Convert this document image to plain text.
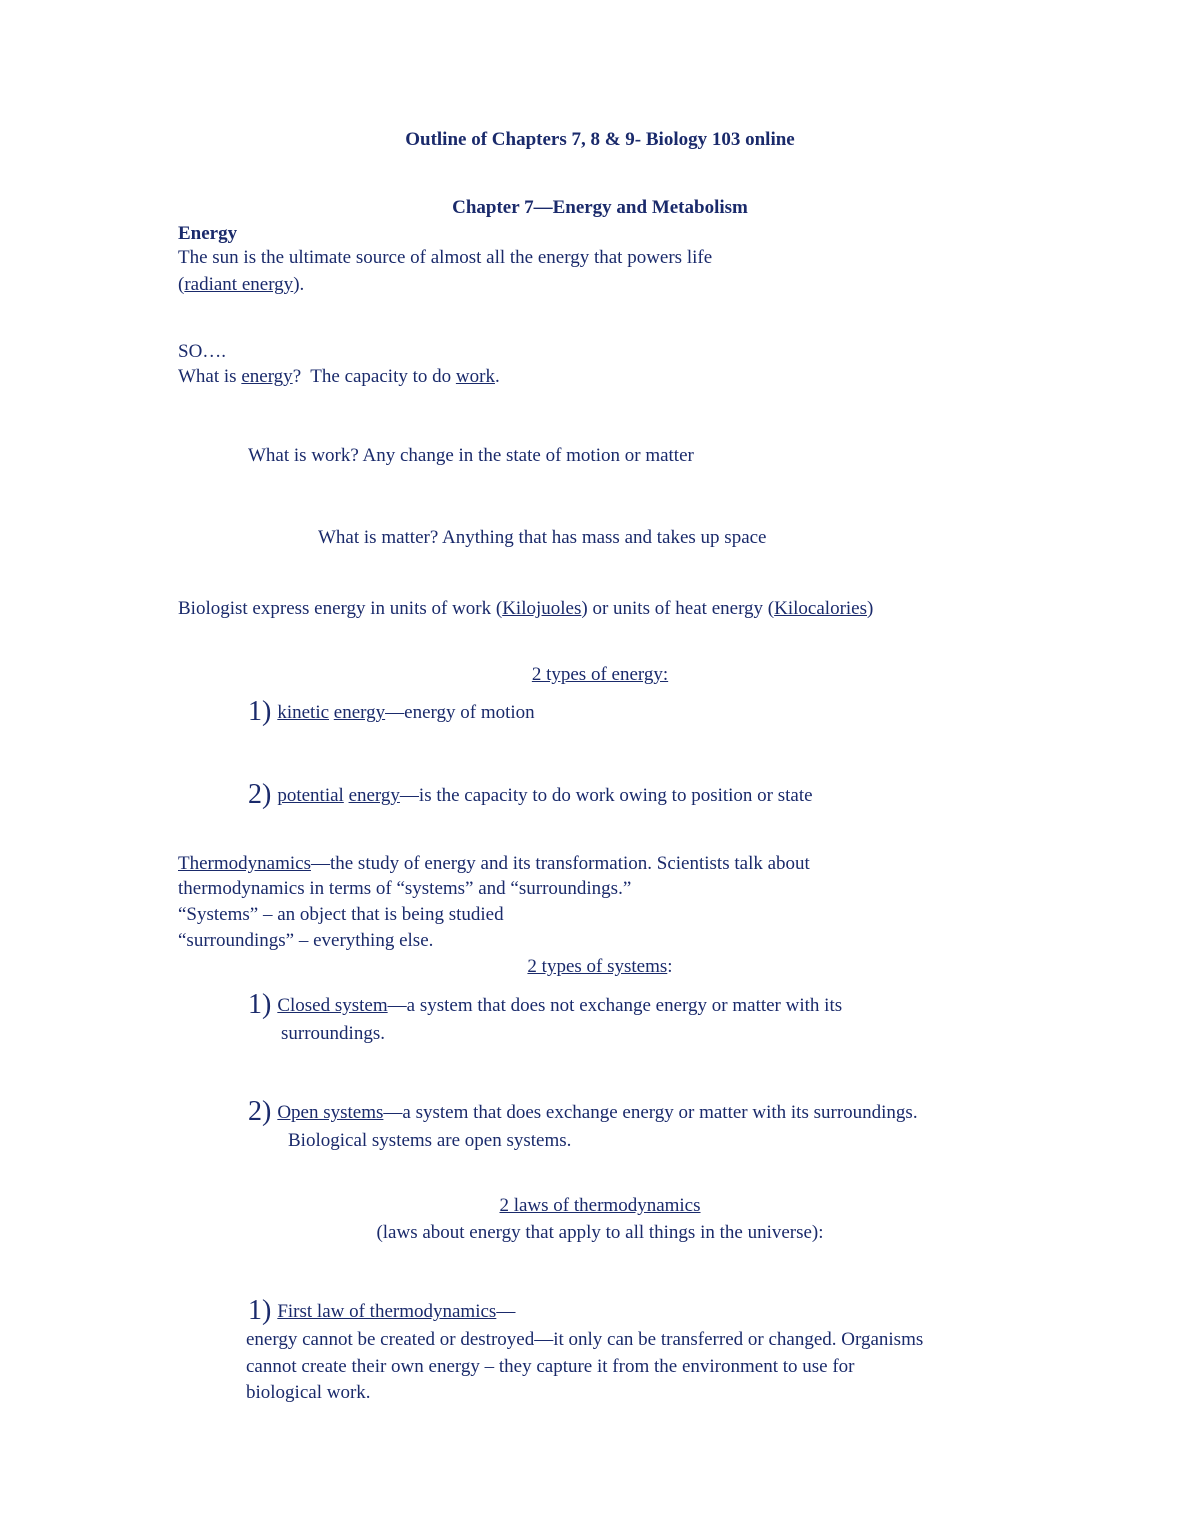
Outline of Chapters 7, 8 & 9- Biology 103 online
Chapter 7—Energy and Metabolism
Energy
The sun is the ultimate source of almost all the energy that powers life
(radiant energy).
SO….
What is energy?  The capacity to do work.
What is work? Any change in the state of motion or matter
What is matter? Anything that has mass and takes up space
Biologist express energy in units of work (Kilojuoles) or units of heat energy (Kilocalories)
2 types of energy:
1) kinetic energy—energy of motion
2) potential energy—is the capacity to do work owing to position or state
Thermodynamics—the study of energy and its transformation. Scientists talk about
thermodynamics in terms of “systems” and “surroundings.”
“Systems” – an object that is being studied
“surroundings” – everything else.
2 types of systems:
1) Closed system—a system that does not exchange energy or matter with its
surroundings.
2) Open systems—a system that does exchange energy or matter with its surroundings.
Biological systems are open systems.
2 laws of thermodynamics
(laws about energy that apply to all things in the universe):
1) First law of thermodynamics—
energy cannot be created or destroyed—it only can be transferred or changed. Organisms
cannot create their own energy – they capture it from the environment to use for
biological work.
